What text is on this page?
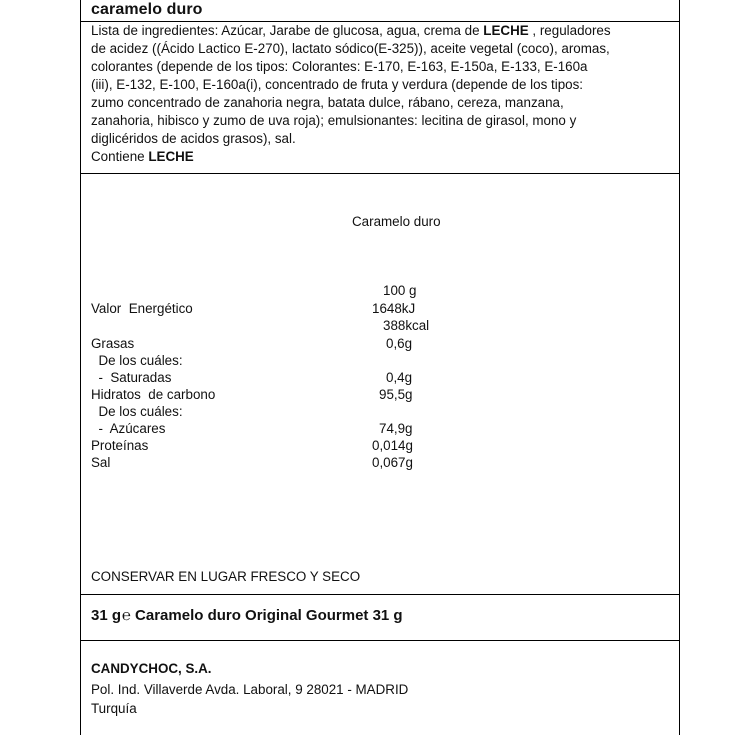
caramelo duro
Lista de ingredientes: Azúcar, Jarabe de glucosa, agua, crema de LECHE , reguladores de acidez ((Ácido Lactico E-270), lactato sódico(E-325)), aceite vegetal (coco), aromas, colorantes (depende de los tipos: Colorantes: E-170, E-163, E-150a, E-133, E-160a (iii), E-132, E-100, E-160a(i), concentrado de fruta y verdura (depende de los tipos: zumo concentrado de zanahoria negra, batata dulce, rábano, cereza, manzana, zanahoria, hibisco y zumo de uva roja); emulsionantes: lecitina de girasol, mono y diglicéridos de acidos grasos), sal.
Contiene LECHE
Caramelo duro
100 g
Valor  Energético	1648kJ
388kcal
Grasas	0,6g
De los cuáles:
-  Saturadas	0,4g
Hidratos  de carbono	95,5g
De los cuáles:
-  Azúcares	74,9g
Proteínas	0,014g
Sal	0,067g
CONSERVAR EN LUGAR FRESCO Y SECO
31 g℮ Caramelo duro Original Gourmet 31 g
CANDYCHOC, S.A.
Pol. Ind. Villaverde Avda. Laboral, 9 28021 - MADRID
Turquía
